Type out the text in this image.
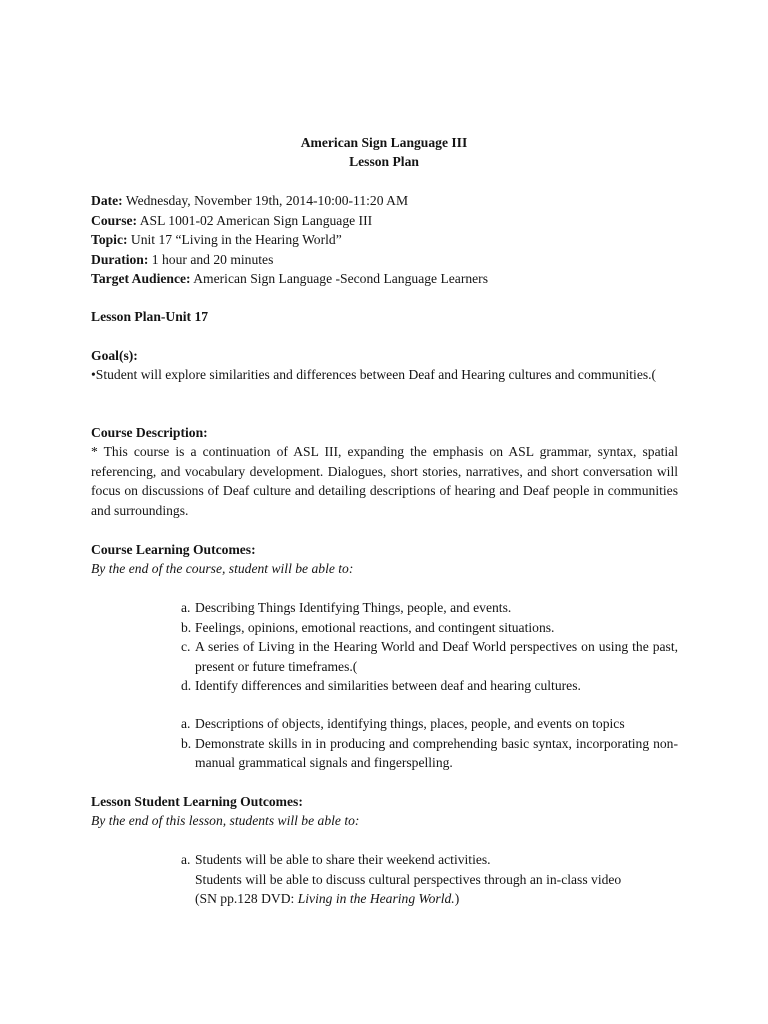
American Sign Language III
Lesson Plan
Date: Wednesday, November 19th, 2014-10:00-11:20 AM
Course: ASL 1001-02 American Sign Language III
Topic: Unit 17 “Living in the Hearing World”
Duration: 1 hour and 20 minutes
Target Audience: American Sign Language -Second Language Learners
Lesson Plan-Unit 17
Goal(s):
•Student will explore similarities and differences between Deaf and Hearing cultures and communities.(
Course Description:
* This course is a continuation of ASL III, expanding the emphasis on ASL grammar, syntax, spatial referencing, and vocabulary development. Dialogues, short stories, narratives, and short conversation will focus on discussions of Deaf culture and detailing descriptions of hearing and Deaf people in communities and surroundings.
Course Learning Outcomes:
By the end of the course, student will be able to:
a. Describing Things Identifying Things, people, and events.
b. Feelings, opinions, emotional reactions, and contingent situations.
c. A series of Living in the Hearing World and Deaf World perspectives on using the past, present or future timeframes.(
d. Identify differences and similarities between deaf and hearing cultures.
a. Descriptions of objects, identifying things, places, people, and events on topics
b. Demonstrate skills in in producing and comprehending basic syntax, incorporating non-manual grammatical signals and fingerspelling.
Lesson Student Learning Outcomes:
By the end of this lesson, students will be able to:
a. Students will be able to share their weekend activities.
Students will be able to discuss cultural perspectives through an in-class video
(SN pp.128 DVD: Living in the Hearing World.)
